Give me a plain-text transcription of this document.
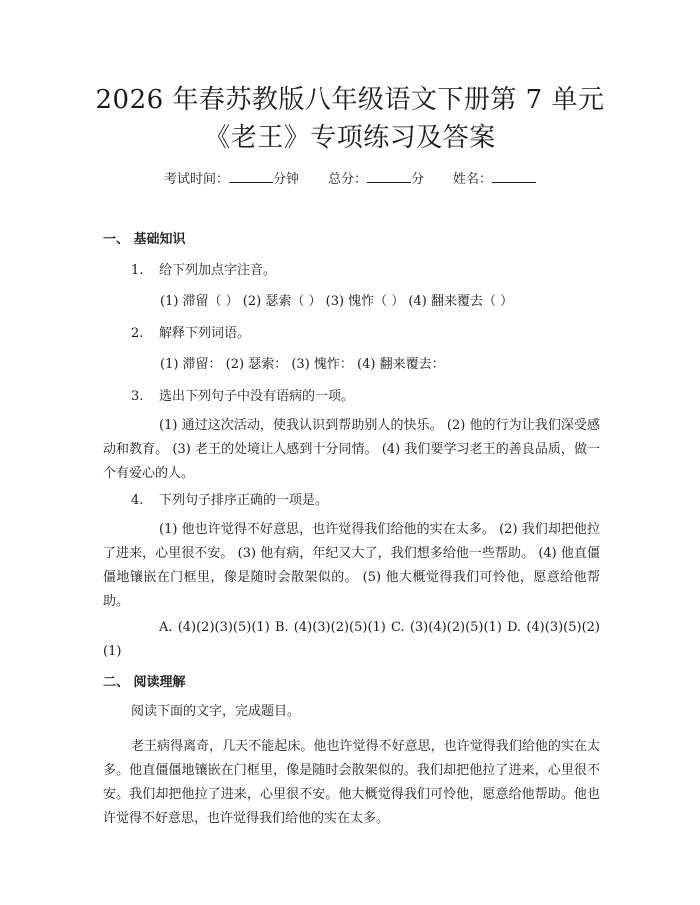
2026 年春苏教版八年级语文下册第 7 单元
《老王》专项练习及答案
考试时间：	分钟 总分：	分 姓名：
一、 基础知识
1. 给下列加点字注音。
(1) 滞留（ ） (2) 瑟索（ ） (3) 愧怍（ ） (4) 翻来覆去（ ）
2. 解释下列词语。
(1) 滞留： (2) 瑟索： (3) 愧怍： (4) 翻来覆去：
3. 选出下列句子中没有语病的一项。
(1) 通过这次活动，使我认识到帮助别人的快乐。 (2) 他的行为让我们深受感动和教育。 (3) 老王的处境让人感到十分同情。 (4) 我们要学习老王的善良品质，做一个有爱心的人。
4. 下列句子排序正确的一项是。
(1) 他也许觉得不好意思，也许觉得我们给他的实在太多。 (2) 我们却把他拉了进来，心里很不安。 (3) 他有病，年纪又大了，我们想多给他一些帮助。 (4) 他直僵僵地镶嵌在门框里，像是随时会散架似的。 (5) 他大概觉得我们可怜他，愿意给他帮助。
A. (4)(2)(3)(5)(1) B. (4)(3)(2)(5)(1) C. (3)(4)(2)(5)(1) D. (4)(3)(5)(2)(1)
二、 阅读理解
阅读下面的文字，完成题目。
老王病得离奇，几天不能起床。他也许觉得不好意思，也许觉得我们给他的实在太多。他直僵僵地镶嵌在门框里，像是随时会散架似的。我们却把他拉了进来，心里很不安。我们却把他拉了进来，心里很不安。他大概觉得我们可怜他，愿意给他帮助。他也许觉得不好意思，也许觉得我们给他的实在太多。
